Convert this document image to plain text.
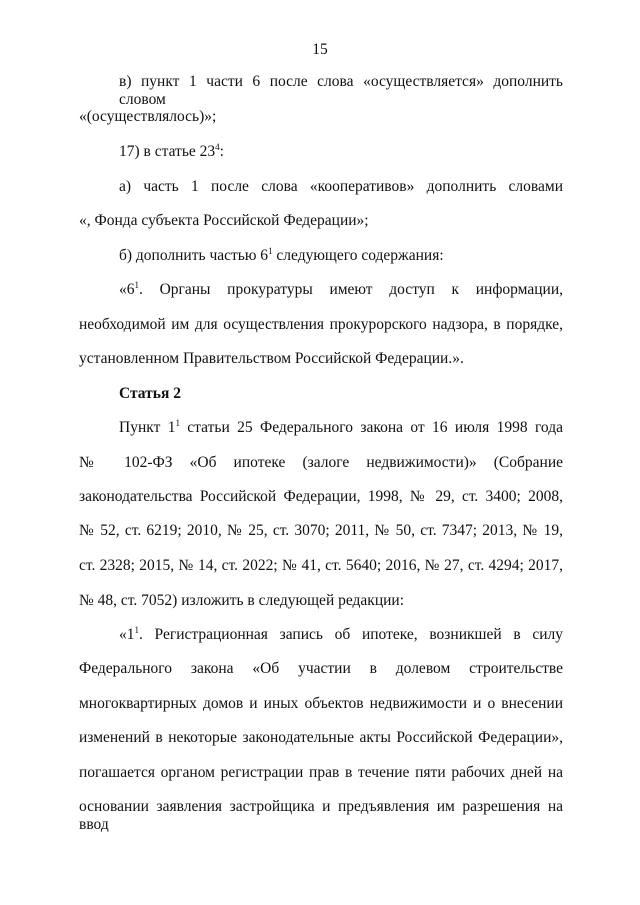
15
в) пункт 1 части 6 после слова «осуществляется» дополнить словом
«(осуществлялось)»;
17) в статье $23^4$:
а) часть 1 после слова «кооперативов» дополнить словами
«, Фонда субъекта Российской Федерации»;
б) дополнить частью $6^1$ следующего содержания:
«$6^1$. Органы прокуратуры имеют доступ к информации,
необходимой им для осуществления прокурорского надзора, в порядке,
установленном Правительством Российской Федерации.».
Статья 2
Пункт $1^1$ статьи 25 Федерального закона от 16 июля 1998 года
№ 102-ФЗ «Об ипотеке (залоге недвижимости)» (Собрание
законодательства Российской Федерации, 1998, № 29, ст. 3400; 2008,
№ 52, ст. 6219; 2010, № 25, ст. 3070; 2011, № 50, ст. 7347; 2013, № 19,
ст. 2328; 2015, № 14, ст. 2022; № 41, ст. 5640; 2016, № 27, ст. 4294; 2017,
№ 48, ст. 7052) изложить в следующей редакции:
«$1^1$. Регистрационная запись об ипотеке, возникшей в силу
Федерального закона «Об участии в долевом строительстве
многоквартирных домов и иных объектов недвижимости и о внесении
изменений в некоторые законодательные акты Российской Федерации»,
погашается органом регистрации прав в течение пяти рабочих дней на
основании заявления застройщика и предъявления им разрешения на ввод
